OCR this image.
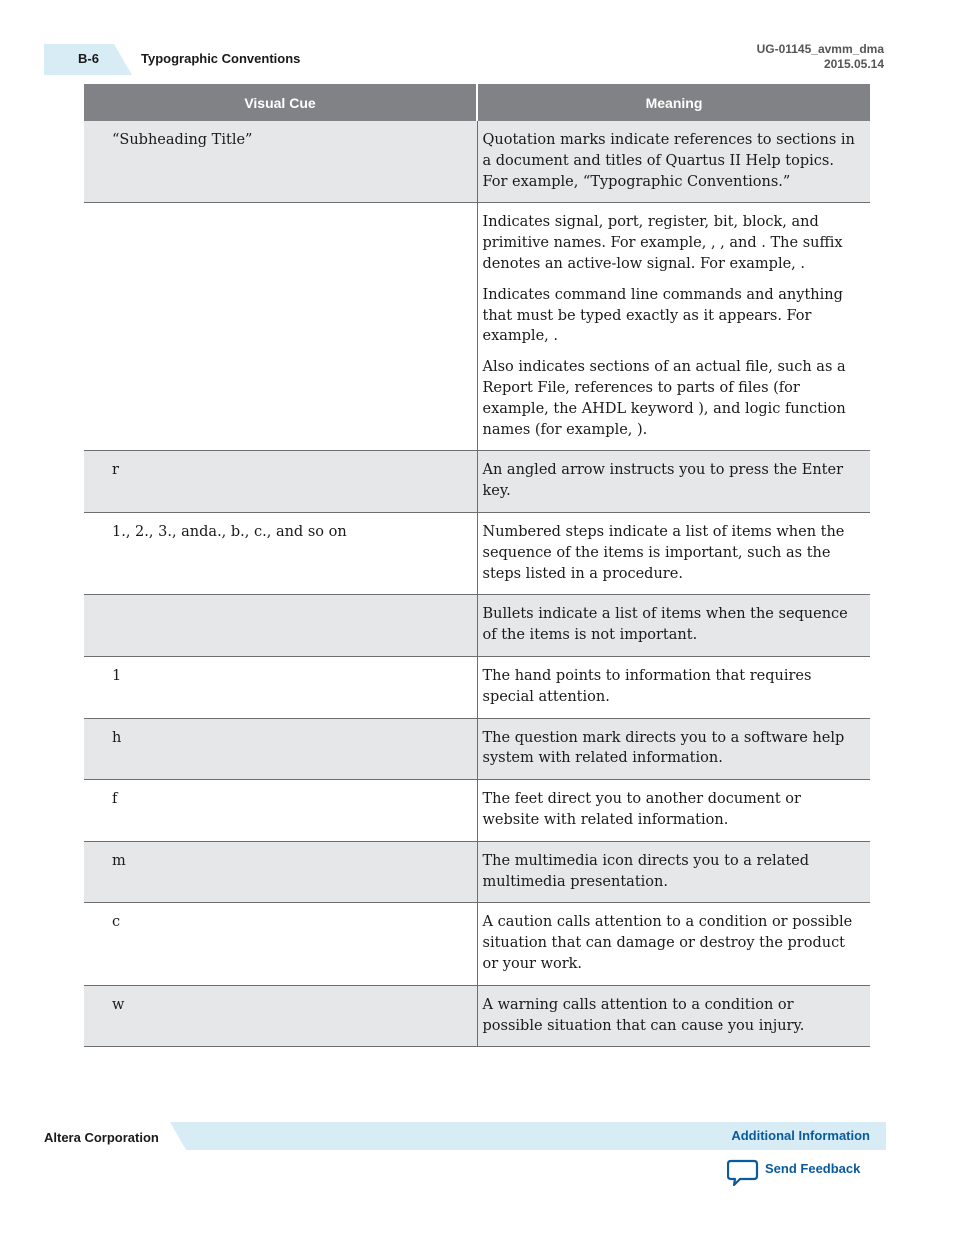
B-6	Typographic Conventions
UG-01145_avmm_dma
2015.05.14
Visual Cue	Meaning
“Subheading Title”	Quotation marks indicate references to sections in a document and titles of Quartus II Help topics. For example, “Typographic Conventions.”

	Indicates signal, port, register, bit, block, and primitive names. For example, , , and . The suffix denotes an active-low signal. For example, .

Indicates command line commands and anything that must be typed exactly as it appears. For example, .

Also indicates sections of an actual file, such as a Report File, references to parts of files (for example, the AHDL keyword ), and logic function names (for example, ).

r	An angled arrow instructs you to press the Enter key.

1., 2., 3., anda., b., c., and so on	Numbered steps indicate a list of items when the sequence of the items is important, such as the steps listed in a procedure.

	Bullets indicate a list of items when the sequence of the items is not important.

1	The hand points to information that requires special attention.

h	The question mark directs you to a software help system with related information.

f	The feet direct you to another document or website with related information.

m	The multimedia icon directs you to a related multimedia presentation.

c	A caution calls attention to a condition or possible situation that can damage or destroy the product or your work.

w	A warning calls attention to a condition or possible situation that can cause you injury.

Altera Corporation	Additional Information
Send Feedback
